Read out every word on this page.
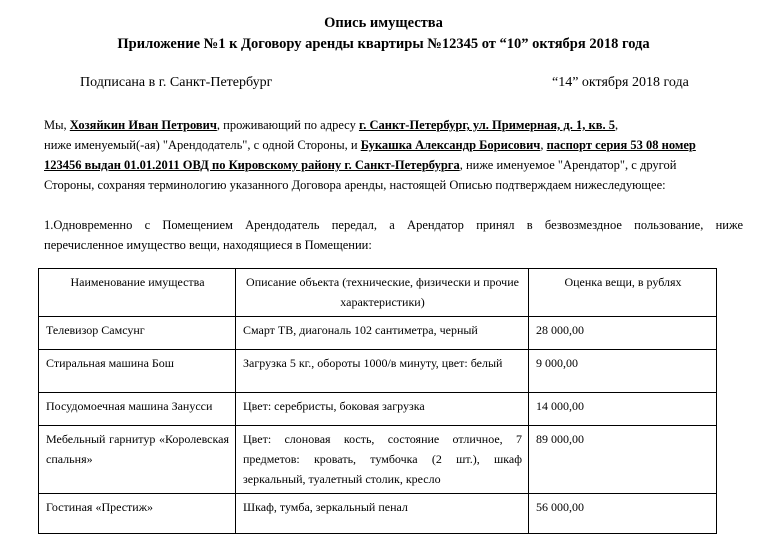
Опись имущества
Приложение №1 к Договору аренды квартиры №12345 от “10” октября 2018 года
Подписана в г. Санкт-Петербург	“14” октября 2018 года
Мы, Хозяйкин Иван Петрович, проживающий по адресу г. Санкт-Петербург, ул. Примерная, д. 1, кв. 5,
ниже именуемый(-ая) "Арендодатель", с одной Стороны, и Букашка Александр Борисович, паспорт серия 53 08 номер
123456 выдан 01.01.2011 ОВД по Кировскому району г. Санкт-Петербурга, ниже именуемое "Арендатор", с другой
Стороны, сохраняя терминологию указанного Договора аренды, настоящей Описью подтверждаем нижеследующее:
1.Одновременно с Помещением Арендодатель передал, а Арендатор принял в безвозмездное пользование, ниже
перечисленное имущество вещи, находящиеся в Помещении:
Наименование имущества	Описание объекта (технические, физически и прочие характеристики)	Оценка вещи, в рублях
Телевизор Самсунг	Смарт ТВ, диагональ 102 сантиметра, черный	28 000,00
Стиральная машина Бош	Загрузка 5 кг., обороты 1000/в минуту, цвет: белый	9 000,00
Посудомоечная машина Занусси	Цвет: серебристы, боковая загрузка	14 000,00
Мебельный гарнитур «Королевская спальня»	Цвет: слоновая кость, состояние отличное, 7 предметов: кровать, тумбочка (2 шт.), шкаф зеркальный, туалетный столик, кресло	89 000,00
Гостиная «Престиж»	Шкаф, тумба, зеркальный пенал	56 000,00
